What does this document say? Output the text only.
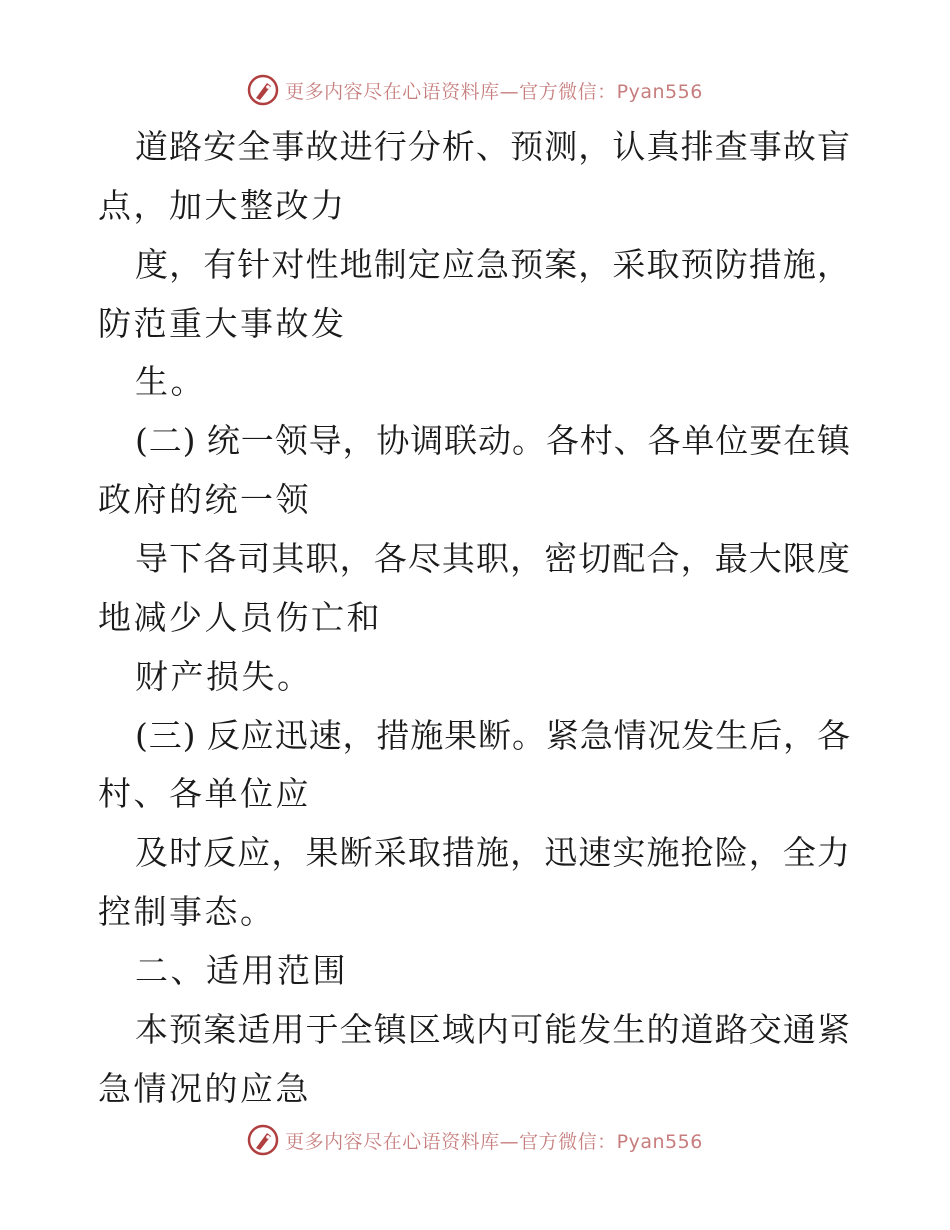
更多内容尽在心语资料库—官方微信：Pyan556
道路安全事故进行分析、预测，认真排查事故盲
点，加大整改力
度，有针对性地制定应急预案，采取预防措施，
防范重大事故发
生。
(二) 统一领导，协调联动。各村、各单位要在镇
政府的统一领
导下各司其职，各尽其职，密切配合，最大限度
地减少人员伤亡和
财产损失。
(三) 反应迅速，措施果断。紧急情况发生后，各
村、各单位应
及时反应，果断采取措施，迅速实施抢险，全力
控制事态。
二、适用范围
本预案适用于全镇区域内可能发生的道路交通紧
急情况的应急
更多内容尽在心语资料库—官方微信：Pyan556
